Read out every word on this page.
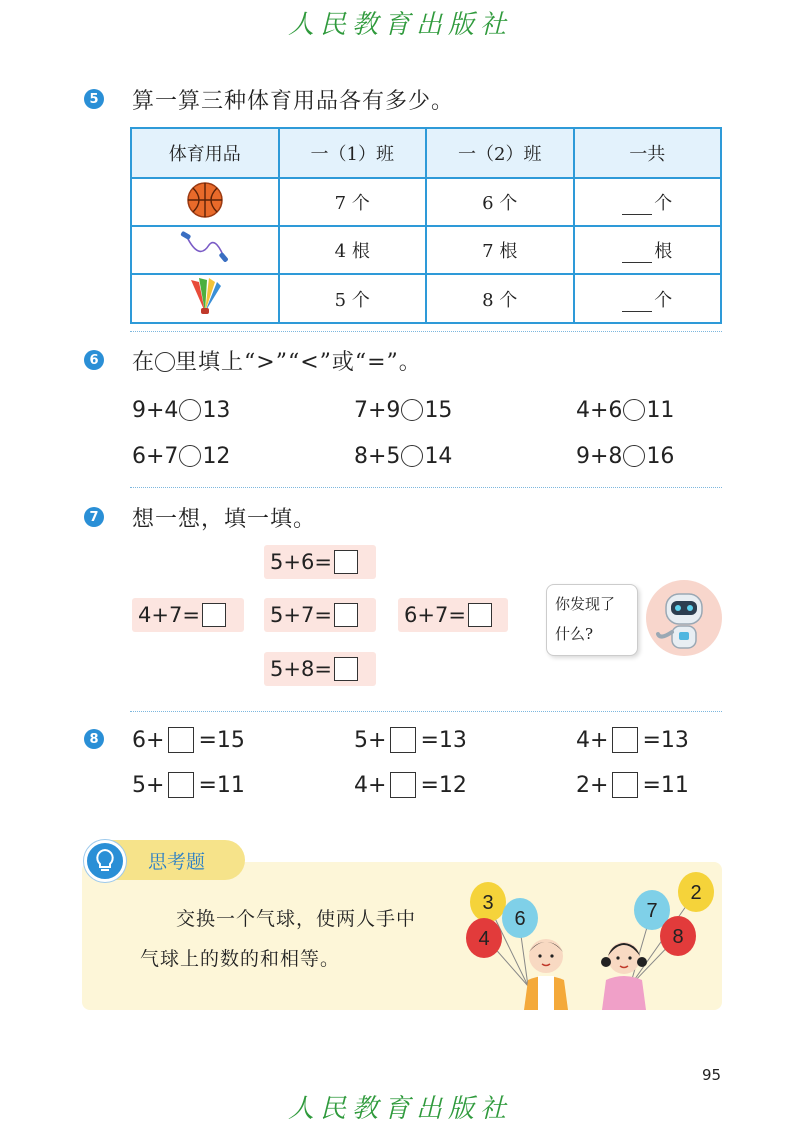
人民教育出版社
5 算一算三种体育用品各有多少。
体育用品	一（1）班	一（2）班	一共
	7 个	6 个	个
	4 根	7 根	根
	5 个	8 个	个
6 在 里填上“>”“<”或“=”。
9+4 13	7+9 15	4+6 11
6+7 12	8+5 14	9+8 16
7 想一想，填一填。
5+6=
4+7=	5+7=	6+7=
5+8=
你发现了
什么?
8 6+ =15	5+ =13	4+ =13
5+ =11	4+ =12	2+ =11
思考题
交换一个气球，使两人手中
气球上的数的和相等。
3
6
4
2
7
8
95
人民教育出版社
